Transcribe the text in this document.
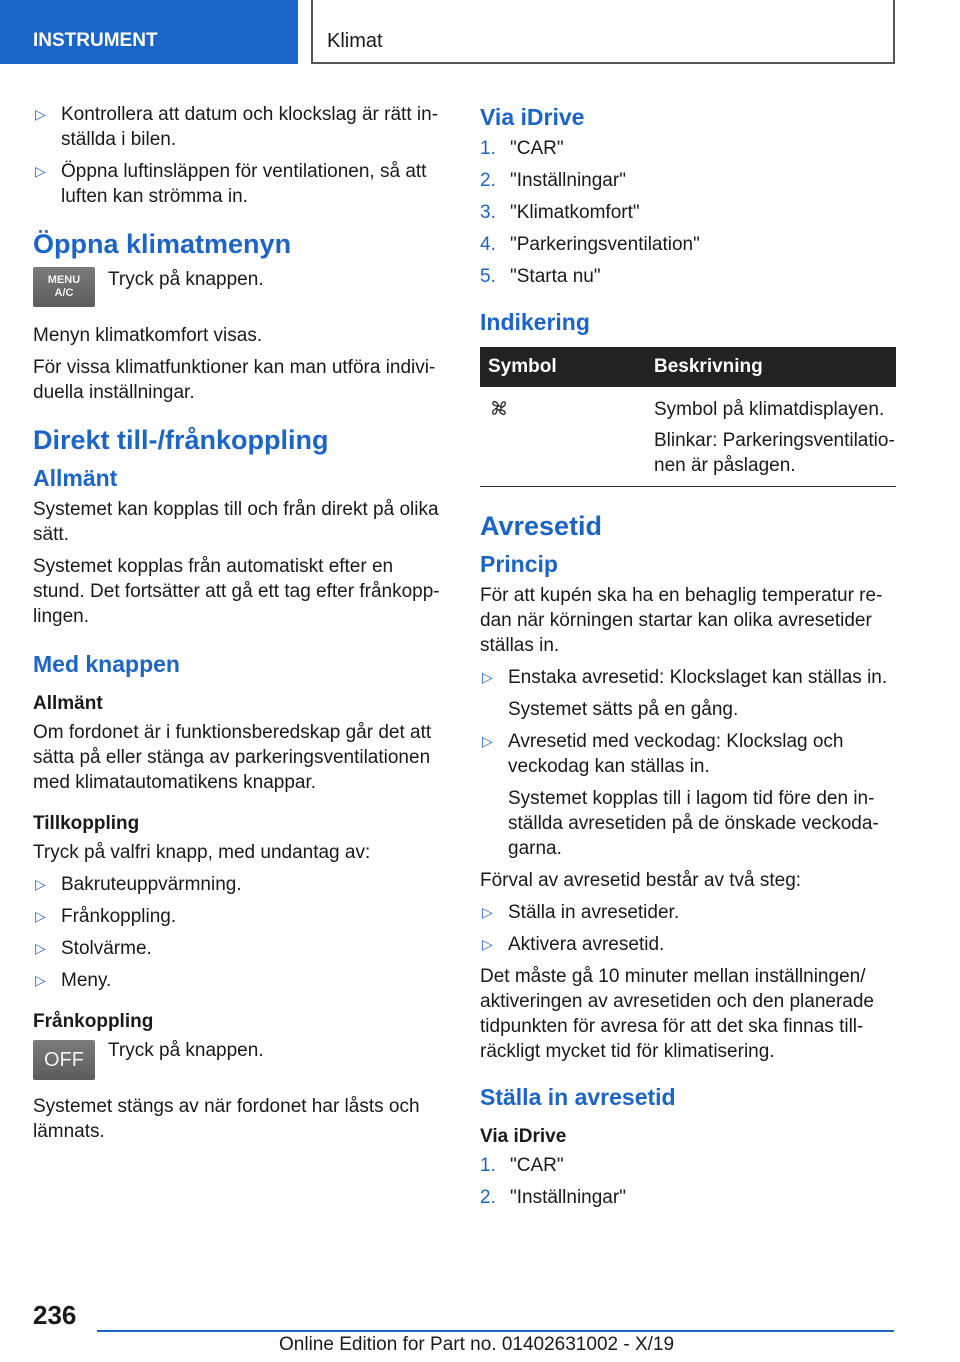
INSTRUMENT	Klimat
▷ Kontrollera att datum och klockslag är rätt inställda i bilen.
▷ Öppna luftinsläppen för ventilationen, så att luften kan strömma in.
Öppna klimatmenyn
MENU
A/C
Tryck på knappen.

Menyn klimatkomfort visas.

För vissa klimatfunktioner kan man utföra individuella inställningar.

Direkt till-/frånkoppling
Allmänt

Systemet kan kopplas till och från direkt på olika sätt.

Systemet kopplas från automatiskt efter en stund. Det fortsätter att gå ett tag efter frånkopplingen.

Med knappen
Allmänt

Om fordonet är i funktionsberedskap går det att sätta på eller stänga av parkeringsventilationen med klimatautomatikens knappar.

Tillkoppling

Tryck på valfri knapp, med undantag av:

▷ Bakruteuppvärmning.
▷ Frånkoppling.
▷ Stolvärme.
▷ Meny.
Frånkoppling
OFF	Tryck på knappen.

Systemet stängs av när fordonet har låsts och lämnats.

Via iDrive
1. "CAR"
2. "Inställningar"
3. "Klimatkomfort"
4. "Parkeringsventilation"
5. "Starta nu"
Indikering
Symbol	Beskrivning

Symbol på klimatdisplayen.

Blinkar: Parkeringsventilationen är påslagen.

Avresetid
Princip

För att kupén ska ha en behaglig temperatur redan när körningen startar kan olika avresetider ställas in.

▷ Enstaka avresetid: Klockslaget kan ställas in.

Systemet sätts på en gång.

▷ Avresetid med veckodag: Klockslag och veckodag kan ställas in.

Systemet kopplas till i lagom tid före den inställda avresetiden på de önskade veckodagarna.

Förval av avresetid består av två steg:

▷ Ställa in avresetider.
▷ Aktivera avresetid.

Det måste gå 10 minuter mellan inställningen/ aktiveringen av avresetiden och den planerade tidpunkten för avresa för att det ska finnas tillräckligt mycket tid för klimatisering.

Ställa in avresetid
Via iDrive
1. "CAR"
2. "Inställningar"
236
Online Edition for Part no. 01402631002 - X/19
